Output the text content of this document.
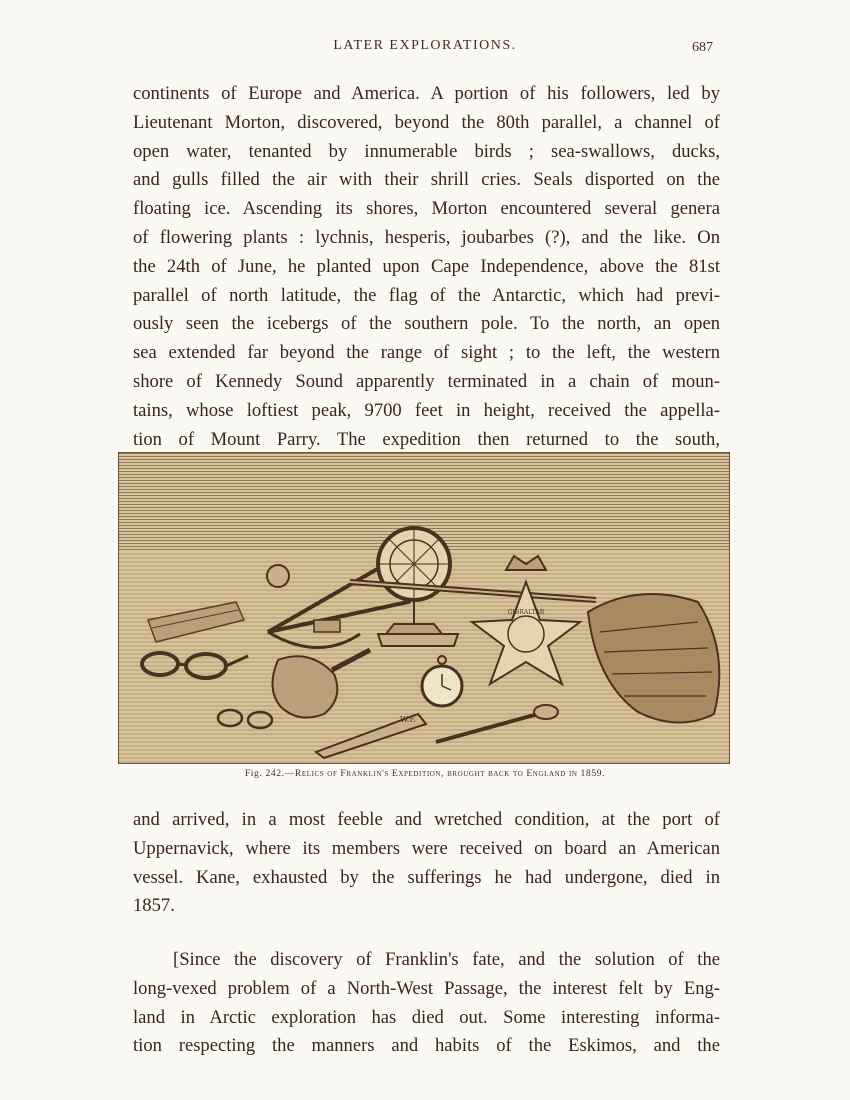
LATER EXPLORATIONS.	687
continents of Europe and America. A portion of his followers, led by
Lieutenant Morton, discovered, beyond the 80th parallel, a channel of
open water, tenanted by innumerable birds ; sea-swallows, ducks,
and gulls filled the air with their shrill cries. Seals disported on the
floating ice. Ascending its shores, Morton encountered several genera
of flowering plants : lychnis, hesperis, joubarbes (?), and the like. On
the 24th of June, he planted upon Cape Independence, above the 81st
parallel of north latitude, the flag of the Antarctic, which had previ-
ously seen the icebergs of the southern pole. To the north, an open
sea extended far beyond the range of sight ; to the left, the western
shore of Kennedy Sound apparently terminated in a chain of moun-
tains, whose loftiest peak, 9700 feet in height, received the appella-
tion of Mount Parry. The expedition then returned to the south,
GIBRALTAR
W.F.
Fig. 242.—Relics of Franklin's Expedition, brought back to England in 1859.
and arrived, in a most feeble and wretched condition, at the port of
Uppernavick, where its members were received on board an American
vessel. Kane, exhausted by the sufferings he had undergone, died in
1857.
[Since the discovery of Franklin's fate, and the solution of the
long-vexed problem of a North-West Passage, the interest felt by Eng-
land in Arctic exploration has died out. Some interesting informa-
tion respecting the manners and habits of the Eskimos, and the
